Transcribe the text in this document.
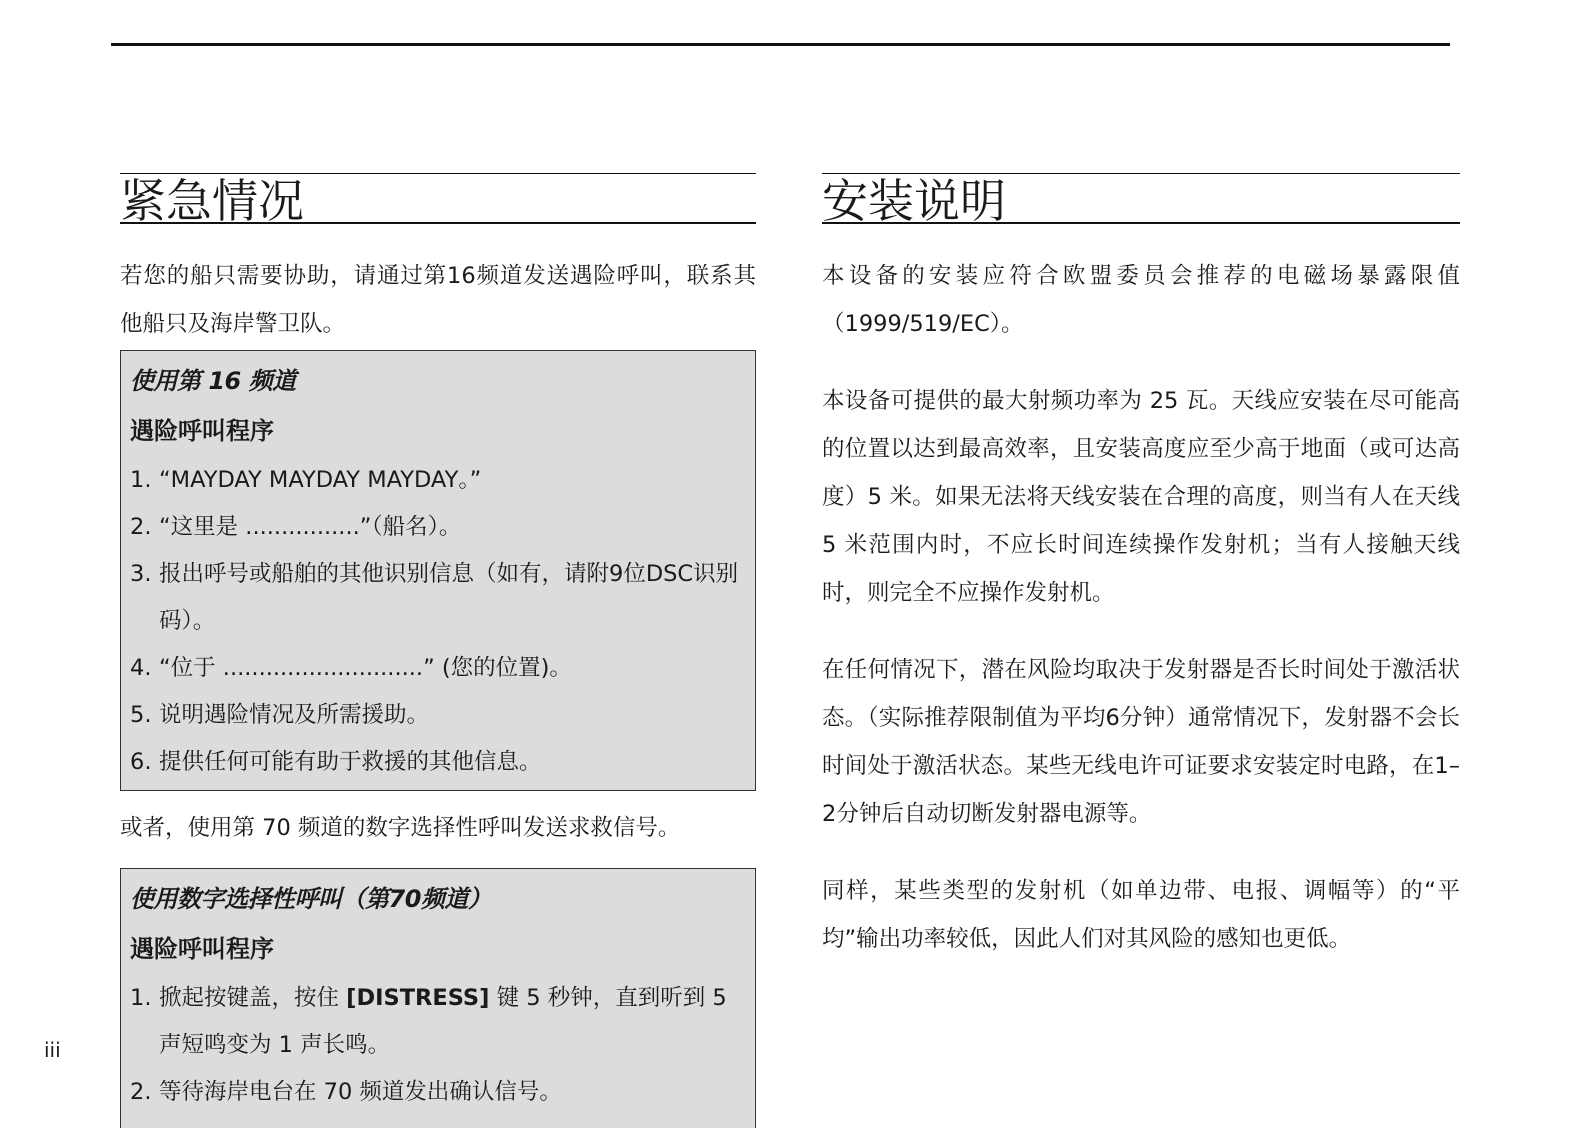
紧急情况

若您的船只需要协助，请通过第16频道发送遇险呼叫，联系其他船只及海岸警卫队。

使用第 16 频道
遇险呼叫程序
1. “MAYDAY MAYDAY MAYDAY。”
2. “这里是 ................”（船名）。
3. 报出呼号或船舶的其他识别信息（如有，请附9位DSC识别码）。
4. “位于 ............................” (您的位置)。
5. 说明遇险情况及所需援助。
6. 提供任何可能有助于救援的其他信息。

或者，使用第 70 频道的数字选择性呼叫发送求救信号。

使用数字选择性呼叫（第70频道）
遇险呼叫程序
1. 掀起按键盖，按住 [DISTRESS] 键 5 秒钟，直到听到 5 声短鸣变为 1 声长鸣。
2. 等待海岸电台在 70 频道发出确认信号。
安装说明

本设备的安装应符合欧盟委员会推荐的电磁场暴露限值（1999/519/EC）。

本设备可提供的最大射频功率为 25 瓦。天线应安装在尽可能高的位置以达到最高效率，且安装高度应至少高于地面（或可达高度）5 米。如果无法将天线安装在合理的高度，则当有人在天线 5 米范围内时，不应长时间连续操作发射机；当有人接触天线时，则完全不应操作发射机。

在任何情况下，潜在风险均取决于发射器是否长时间处于激活状态。（实际推荐限制值为平均6分钟）通常情况下，发射器不会长时间处于激活状态。某些无线电许可证要求安装定时电路，在1–2分钟后自动切断发射器电源等。

同样，某些类型的发射机（如单边带、电报、调幅等）的“平均”输出功率较低，因此人们对其风险的感知也更低。

iii
